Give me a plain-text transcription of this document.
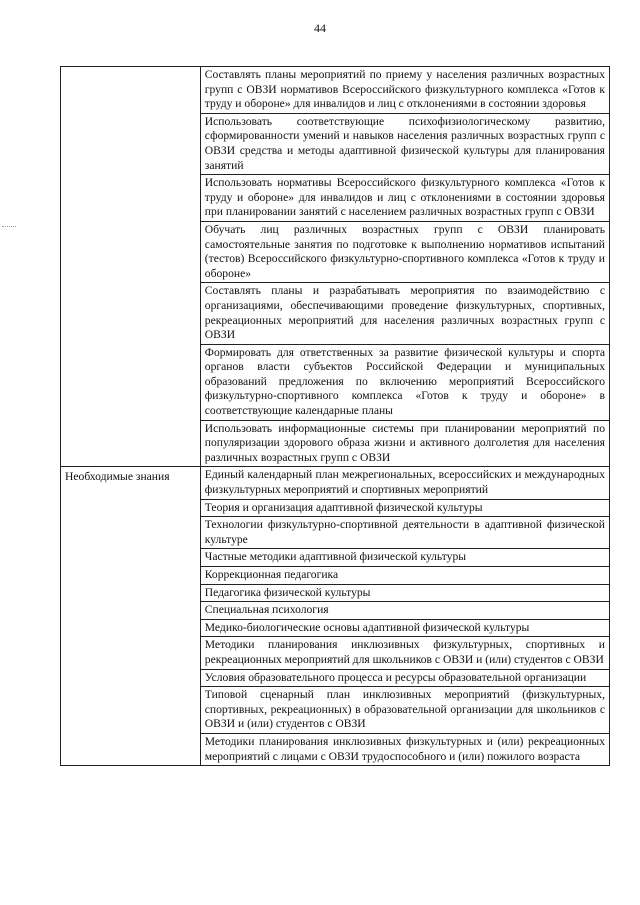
44
	Составлять планы мероприятий по приему у населения различных возрастных групп с ОВЗИ нормативов Всероссийского физкультурного комплекса «Готов к труду и обороне» для инвалидов и лиц с отклонениями в состоянии здоровья
	Использовать соответствующие психофизиологическому развитию, сформированности умений и навыков населения различных возрастных групп с ОВЗИ средства и методы адаптивной физической культуры для планирования занятий
	Использовать нормативы Всероссийского физкультурного комплекса «Готов к труду и обороне» для инвалидов и лиц с отклонениями в состоянии здоровья при планировании занятий с населением различных возрастных групп с ОВЗИ
	Обучать лиц различных возрастных групп с ОВЗИ планировать самостоятельные занятия по подготовке к выполнению нормативов испытаний (тестов) Всероссийского физкультурно-спортивного комплекса «Готов к труду и обороне»
	Составлять планы и разрабатывать мероприятия по взаимодействию с организациями, обеспечивающими проведение физкультурных, спортивных, рекреационных мероприятий для населения различных возрастных групп с ОВЗИ
	Формировать для ответственных за развитие физической культуры и спорта органов власти субъектов Российской Федерации и муниципальных образований предложения по включению мероприятий Всероссийского физкультурно-спортивного комплекса «Готов к труду и обороне» в соответствующие календарные планы
	Использовать информационные системы при планировании мероприятий по популяризации здорового образа жизни и активного долголетия для населения различных возрастных групп с ОВЗИ

Необходимые знания	Единый календарный план межрегиональных, всероссийских и международных физкультурных мероприятий и спортивных мероприятий
	Теория и организация адаптивной физической культуры
	Технологии физкультурно-спортивной деятельности в адаптивной физической культуре
	Частные методики адаптивной физической культуры
	Коррекционная педагогика
	Педагогика физической культуры
	Специальная психология
	Медико-биологические основы адаптивной физической культуры
	Методики планирования инклюзивных физкультурных, спортивных и рекреационных мероприятий для школьников с ОВЗИ и (или) студентов с ОВЗИ
	Условия образовательного процесса и ресурсы образовательной организации
	Типовой сценарный план инклюзивных мероприятий (физкультурных, спортивных, рекреационных) в образовательной организации для школьников с ОВЗИ и (или) студентов с ОВЗИ
	Методики планирования инклюзивных физкультурных и (или) рекреационных мероприятий с лицами с ОВЗИ трудоспособного и (или) пожилого возраста
